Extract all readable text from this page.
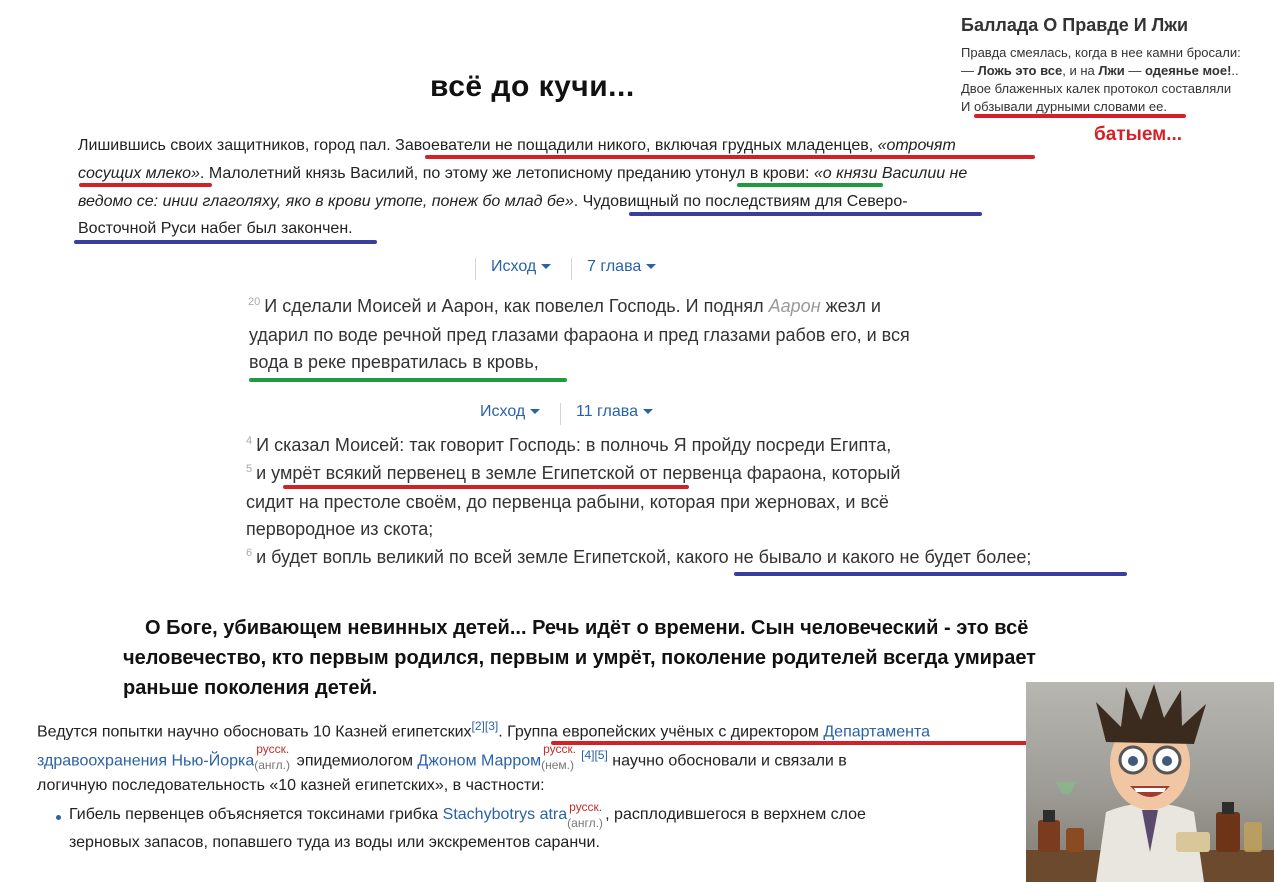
Баллада О Правде И Лжи
Правда смеялась, когда в нее камни бросали:
— Ложь это все, и на Лжи — одеянье мое!..
Двое блаженных калек протокол составляли
И обзывали дурными словами ее.
батыем...
всё до кучи...
Лишившись своих защитников, город пал. Завоеватели не пощадили никого, включая грудных младенцев, «отрочят
сосущих млеко». Малолетний князь Василий, по этому же летописному преданию утонул в крови: «о князи Василии не
ведомо се: инии глаголяху, яко в крови утопе, понеж бо млад бе». Чудовищный по последствиям для Северо-
Восточной Руси набег был закончен.
Исход	7 глава
$^{20}$ И сделали Моисей и Аарон, как повелел Господь. И поднял Аарон жезл и
ударил по воде речной пред глазами фараона и пред глазами рабов его, и вся
вода в реке превратилась в кровь,
Исход	11 глава
$^4$ И сказал Моисей: так говорит Господь: в полночь Я пройду посреди Египта,
$^5$ и умрёт всякий первенец в земле Египетской от первенца фараона, который
сидит на престоле своём, до первенца рабыни, которая при жерновах, и всё
первородное из скота;
$^6$ и будет вопль великий по всей земле Египетской, какого не бывало и какого не будет более;
О Боге, убивающем невинных детей... Речь идёт о времени. Сын человеческий - это всё
человечество, кто первым родился, первым и умрёт, поколение родителей всегда умирает
раньше поколения детей.
Ведутся попытки научно обосновать 10 Казней египетских[2][3]. Группа европейских учёных с директором Департамента
здравоохранения Нью-Йорка
русск.
(англ.) эпидемиологом Джоном Марром
русск.
(нем.)
[4][5] научно обосновали и связали в
логичную последовательность «10 казней египетских», в частности:
Гибель первенцев объясняется токсинами грибка Stachybotrys atra русск.
(англ.) , расплодившегося в верхнем слое
зерновых запасов, попавшего туда из воды или экскрементов саранчи.
